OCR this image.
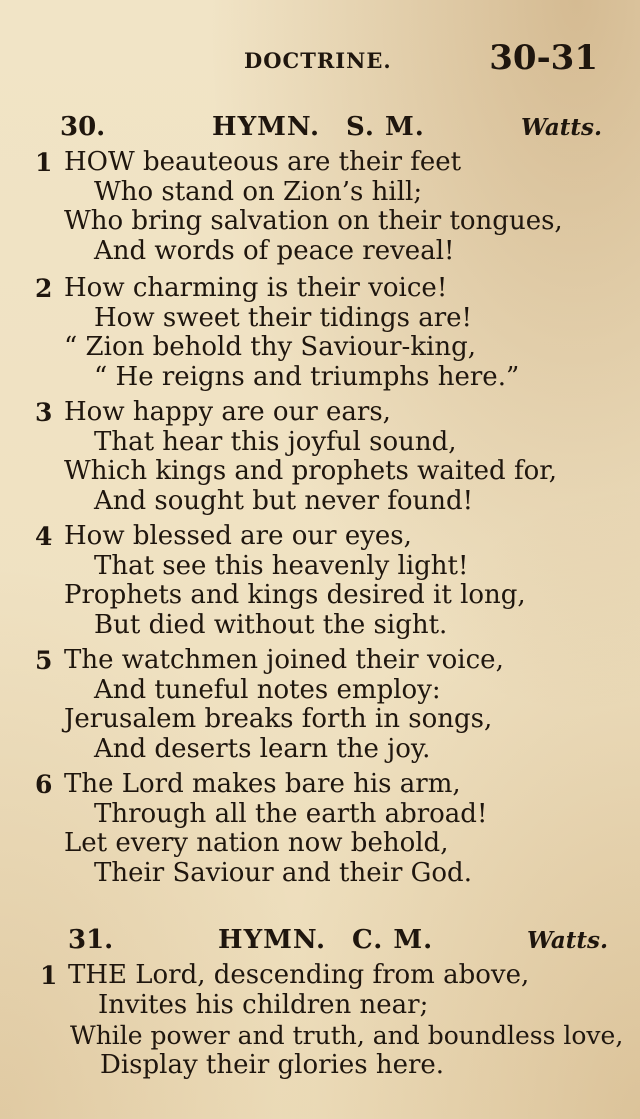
DOCTRINE.	30-31
30.	HYMN. S. M.	Watts.
1 HOW beauteous are their feet
Who stand on Zion’s hill;
Who bring salvation on their tongues,
And words of peace reveal!
2 How charming is their voice!
How sweet their tidings are!
“ Zion behold thy Saviour-king,
“ He reigns and triumphs here.”
3 How happy are our ears,
That hear this joyful sound,
Which kings and prophets waited for,
And sought but never found!
4 How blessed are our eyes,
That see this heavenly light!
Prophets and kings desired it long,
But died without the sight.
5 The watchmen joined their voice,
And tuneful notes employ:
Jerusalem breaks forth in songs,
And deserts learn the joy.
6 The Lord makes bare his arm,
Through all the earth abroad!
Let every nation now behold,
Their Saviour and their God.
31.	HYMN. C. M.	Watts.
1 THE Lord, descending from above,
Invites his children near;
While power and truth, and boundless love,
Display their glories here.
